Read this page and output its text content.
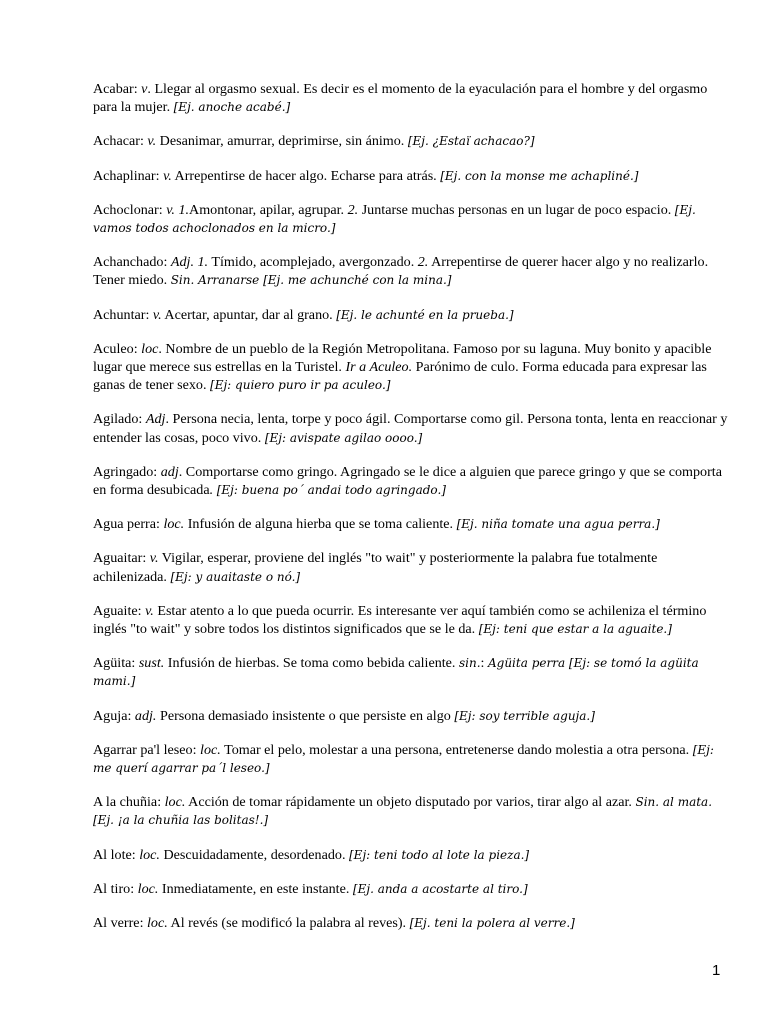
Acabar: v. Llegar al orgasmo sexual. Es decir es el momento de la eyaculación para el hombre y del orgasmo para la mujer. [Ej. anoche acabé.]

Achacar: v. Desanimar, amurrar, deprimirse, sin ánimo. [Ej. ¿Estaï achacao?]

Achaplinar: v. Arrepentirse de hacer algo. Echarse para atrás. [Ej. con la monse me achapliné.]

Achoclonar: v. 1.Amontonar, apilar, agrupar. 2. Juntarse muchas personas en un lugar de poco espacio. [Ej. vamos todos achoclonados en la micro.]

Achanchado: Adj. 1. Tímido, acomplejado, avergonzado. 2. Arrepentirse de querer hacer algo y no realizarlo. Tener miedo. Sin. Arranarse [Ej. me achunché con la mina.]

Achuntar: v. Acertar, apuntar, dar al grano. [Ej. le achunté en la prueba.]

Aculeo: loc. Nombre de un pueblo de la Región Metropolitana. Famoso por su laguna. Muy bonito y apacible lugar que merece sus estrellas en la Turistel. Ir a Aculeo. Parónimo de culo. Forma educada para expresar las ganas de tener sexo. [Ej: quiero puro ir pa aculeo.]

Agilado: Adj. Persona necia, lenta, torpe y poco ágil. Comportarse como gil. Persona tonta, lenta en reaccionar y entender las cosas, poco vivo. [Ej: avispate agilao oooo.]

Agringado: adj. Comportarse como gringo. Agringado se le dice a alguien que parece gringo y que se comporta en forma desubicada. [Ej: buena po´ andai todo agringado.]

Agua perra: loc. Infusión de alguna hierba que se toma caliente. [Ej. niña tomate una agua perra.]

Aguaitar: v. Vigilar, esperar, proviene del inglés "to wait" y posteriormente la palabra fue totalmente achilenizada. [Ej: y auaitaste o nó.]

Aguaite: v. Estar atento a lo que pueda ocurrir. Es interesante ver aquí también como se achileniza el término inglés "to wait" y sobre todos los distintos significados que se le da. [Ej: teni que estar a la aguaite.]

Agüita: sust. Infusión de hierbas. Se toma como bebida caliente. sin.: Agüita perra [Ej: se tomó la agüita mami.]

Aguja: adj. Persona demasiado insistente o que persiste en algo [Ej: soy terrible aguja.]

Agarrar pa'l leseo: loc. Tomar el pelo, molestar a una persona, entretenerse dando molestia a otra persona. [Ej: me querí agarrar pa´l leseo.]

A la chuñia: loc. Acción de tomar rápidamente un objeto disputado por varios, tirar algo al azar. Sin. al mata. [Ej. ¡a la chuñia las bolitas!.]

Al lote: loc. Descuidadamente, desordenado. [Ej: teni todo al lote la pieza.]

Al tiro: loc. Inmediatamente, en este instante. [Ej. anda a acostarte al tiro.]

Al verre: loc. Al revés (se modificó la palabra al reves). [Ej. teni la polera al verre.]

1
